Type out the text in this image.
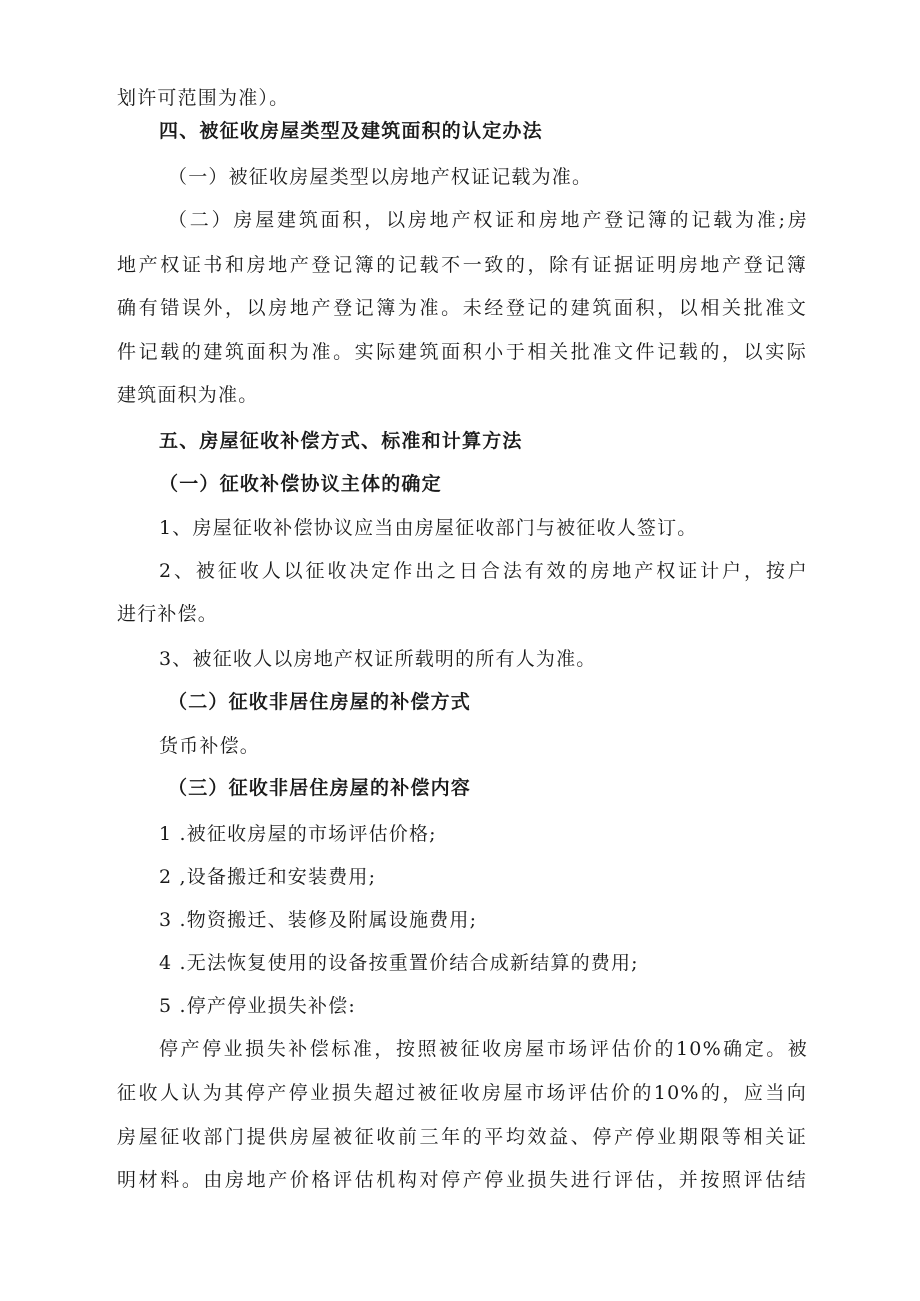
划许可范围为准）。
四、被征收房屋类型及建筑面积的认定办法
（一）被征收房屋类型以房地产权证记载为准。
（二）房屋建筑面积，以房地产权证和房地产登记簿的记载为准;房
地产权证书和房地产登记簿的记载不一致的，除有证据证明房地产登记簿
确有错误外，以房地产登记簿为准。未经登记的建筑面积，以相关批准文
件记载的建筑面积为准。实际建筑面积小于相关批准文件记载的，以实际
建筑面积为准。
五、房屋征收补偿方式、标准和计算方法
（一）征收补偿协议主体的确定
1、房屋征收补偿协议应当由房屋征收部门与被征收人签订。
2、被征收人以征收决定作出之日合法有效的房地产权证计户，按户
进行补偿。
3、被征收人以房地产权证所载明的所有人为准。
（二）征收非居住房屋的补偿方式
货币补偿。
（三）征收非居住房屋的补偿内容
1 .被征收房屋的市场评估价格;
2 ,设备搬迁和安装费用;
3 .物资搬迁、装修及附属设施费用;
4 .无法恢复使用的设备按重置价结合成新结算的费用;
5 .停产停业损失补偿:
停产停业损失补偿标准，按照被征收房屋市场评估价的10%确定。被
征收人认为其停产停业损失超过被征收房屋市场评估价的10%的，应当向
房屋征收部门提供房屋被征收前三年的平均效益、停产停业期限等相关证
明材料。由房地产价格评估机构对停产停业损失进行评估，并按照评估结
